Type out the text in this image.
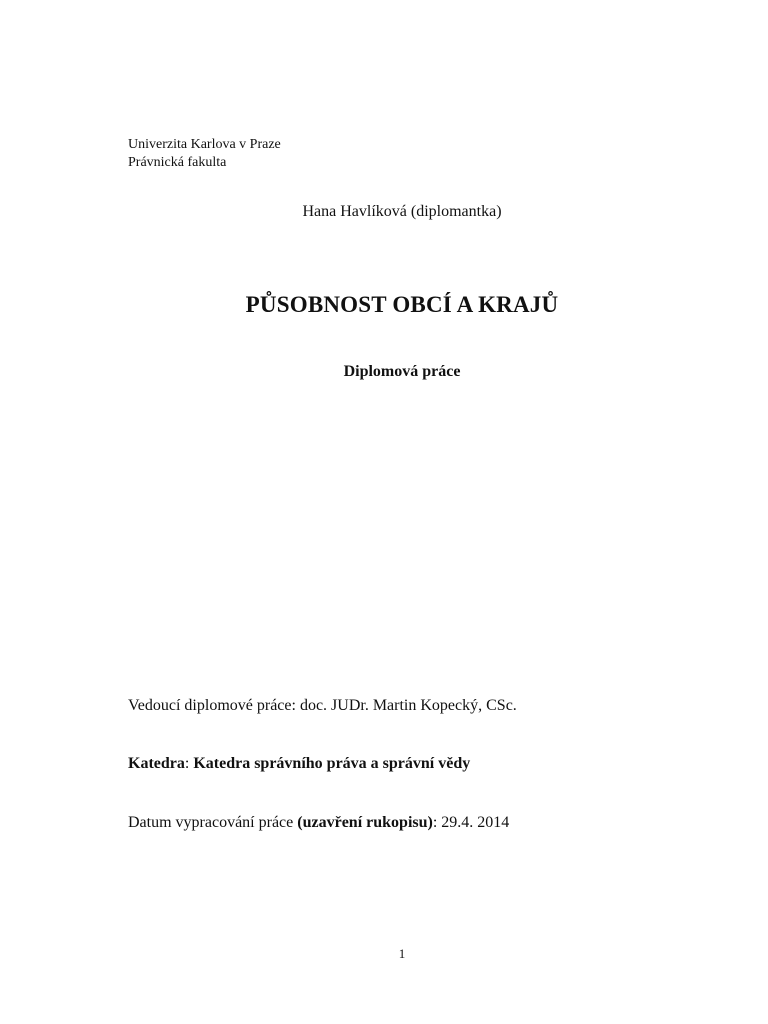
Univerzita Karlova v Praze
Právnická fakulta
Hana Havlíková (diplomantka)
PŮSOBNOST OBCÍ A KRAJŮ
Diplomová práce
Vedoucí diplomové práce: doc. JUDr. Martin Kopecký, CSc.
Katedra: Katedra správního práva a správní vědy
Datum vypracování práce (uzavření rukopisu): 29.4. 2014
1
